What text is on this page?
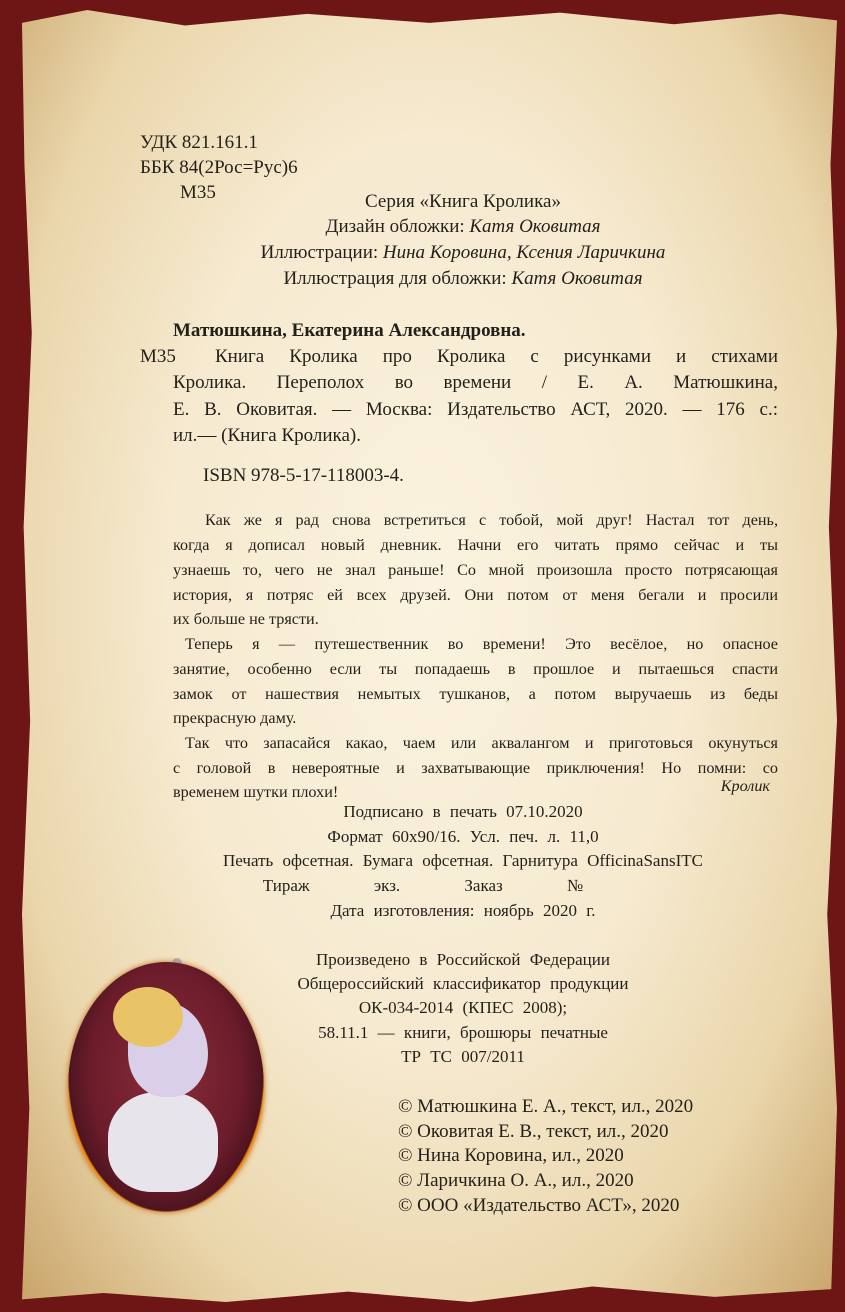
УДК 821.161.1
ББК 84(2Рос=Рус)6
М35	Серия «Книга Кролика»
Дизайн обложки: Катя Оковитая
Иллюстрации: Нина Коровина, Ксения Ларичкина
Иллюстрация для обложки: Катя Оковитая
Матюшкина, Екатерина Александровна.
М35 Книга Кролика про Кролика с рисунками и стихами
Кролика. Переполох во времени / Е. А. Матюшкина,
Е. В. Оковитая. — Москва: Издательство АСТ, 2020. — 176 с.:
ил.— (Книга Кролика).
ISBN 978-5-17-118003-4.
Как же я рад снова встретиться с тобой, мой друг! Настал тот день,
когда я дописал новый дневник. Начни его читать прямо сейчас и ты
узнаешь то, чего не знал раньше! Со мной произошла просто потрясающая
история, я потряс ей всех друзей. Они потом от меня бегали и просили
их больше не трясти.
Теперь я — путешественник во времени! Это весёлое, но опасное
занятие, особенно если ты попадаешь в прошлое и пытаешься спасти
замок от нашествия немытых тушканов, а потом выручаешь из беды
прекрасную даму.
Так что запасайся какао, чаем или аквалангом и приготовься окунуться
с головой в невероятные и захватывающие приключения! Но помни: со
временем шутки плохи!	Кролик
Подписано в печать 07.10.2020
Формат 60x90/16. Усл. печ. л. 11,0
Печать офсетная. Бумага офсетная. Гарнитура OfficinaSansITC
Тираж экз. Заказ №
Дата изготовления: ноябрь 2020 г.
Произведено в Российской Федерации
Общероссийский классификатор продукции
ОК-034-2014 (КПЕС 2008);
58.11.1 — книги, брошюры печатные
ТР ТС 007/2011
© Матюшкина Е. А., текст, ил., 2020
© Оковитая Е. В., текст, ил., 2020
© Нина Коровина, ил., 2020
© Ларичкина О. А., ил., 2020
© ООО «Издательство АСТ», 2020
